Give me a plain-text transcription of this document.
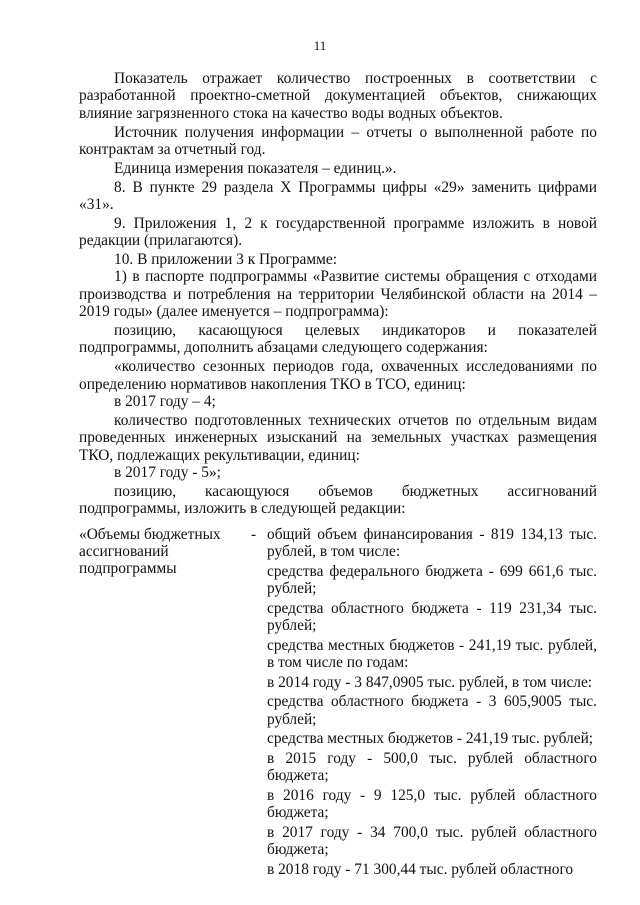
11

Показатель отражает количество построенных в соответствии с разработанной проектно-сметной документацией объектов, снижающих влияние загрязненного стока на качество воды водных объектов.

Источник получения информации – отчеты о выполненной работе по контрактам за отчетный год.

Единица измерения показателя – единиц.».

8. В пункте 29 раздела X Программы цифры «29» заменить цифрами «31».

9. Приложения 1, 2 к государственной программе изложить в новой редакции (прилагаются).

10. В приложении 3 к Программе:

1) в паспорте подпрограммы «Развитие системы обращения с отходами производства и потребления на территории Челябинской области на 2014 – 2019 годы» (далее именуется – подпрограмма):

позицию, касающуюся целевых индикаторов и показателей подпрограммы, дополнить абзацами следующего содержания:

«количество сезонных периодов года, охваченных исследованиями по определению нормативов накопления ТКО в ТСО, единиц:

в 2017 году – 4;

количество подготовленных технических отчетов по отдельным видам проведенных инженерных изысканий на земельных участках размещения ТКО, подлежащих рекультивации, единиц:

в 2017 году - 5»;

позицию, касающуюся объемов бюджетных ассигнований подпрограммы, изложить в следующей редакции:

«Объемы бюджетных
ассигнований
подпрограммы
- общий объем финансирования - 819 134,13 тыс. рублей, в том числе:

средства федерального бюджета - 699 661,6 тыс. рублей;

средства областного бюджета - 119 231,34 тыс. рублей;

средства местных бюджетов - 241,19 тыс. рублей, в том числе по годам:

в 2014 году - 3 847,0905 тыс. рублей, в том числе:

средства областного бюджета - 3 605,9005 тыс. рублей;

средства местных бюджетов - 241,19 тыс. рублей;

в 2015 году - 500,0 тыс. рублей областного бюджета;

в 2016 году - 9 125,0 тыс. рублей областного бюджета;

в 2017 году - 34 700,0 тыс. рублей областного бюджета;

в 2018 году - 71 300,44 тыс. рублей областного
